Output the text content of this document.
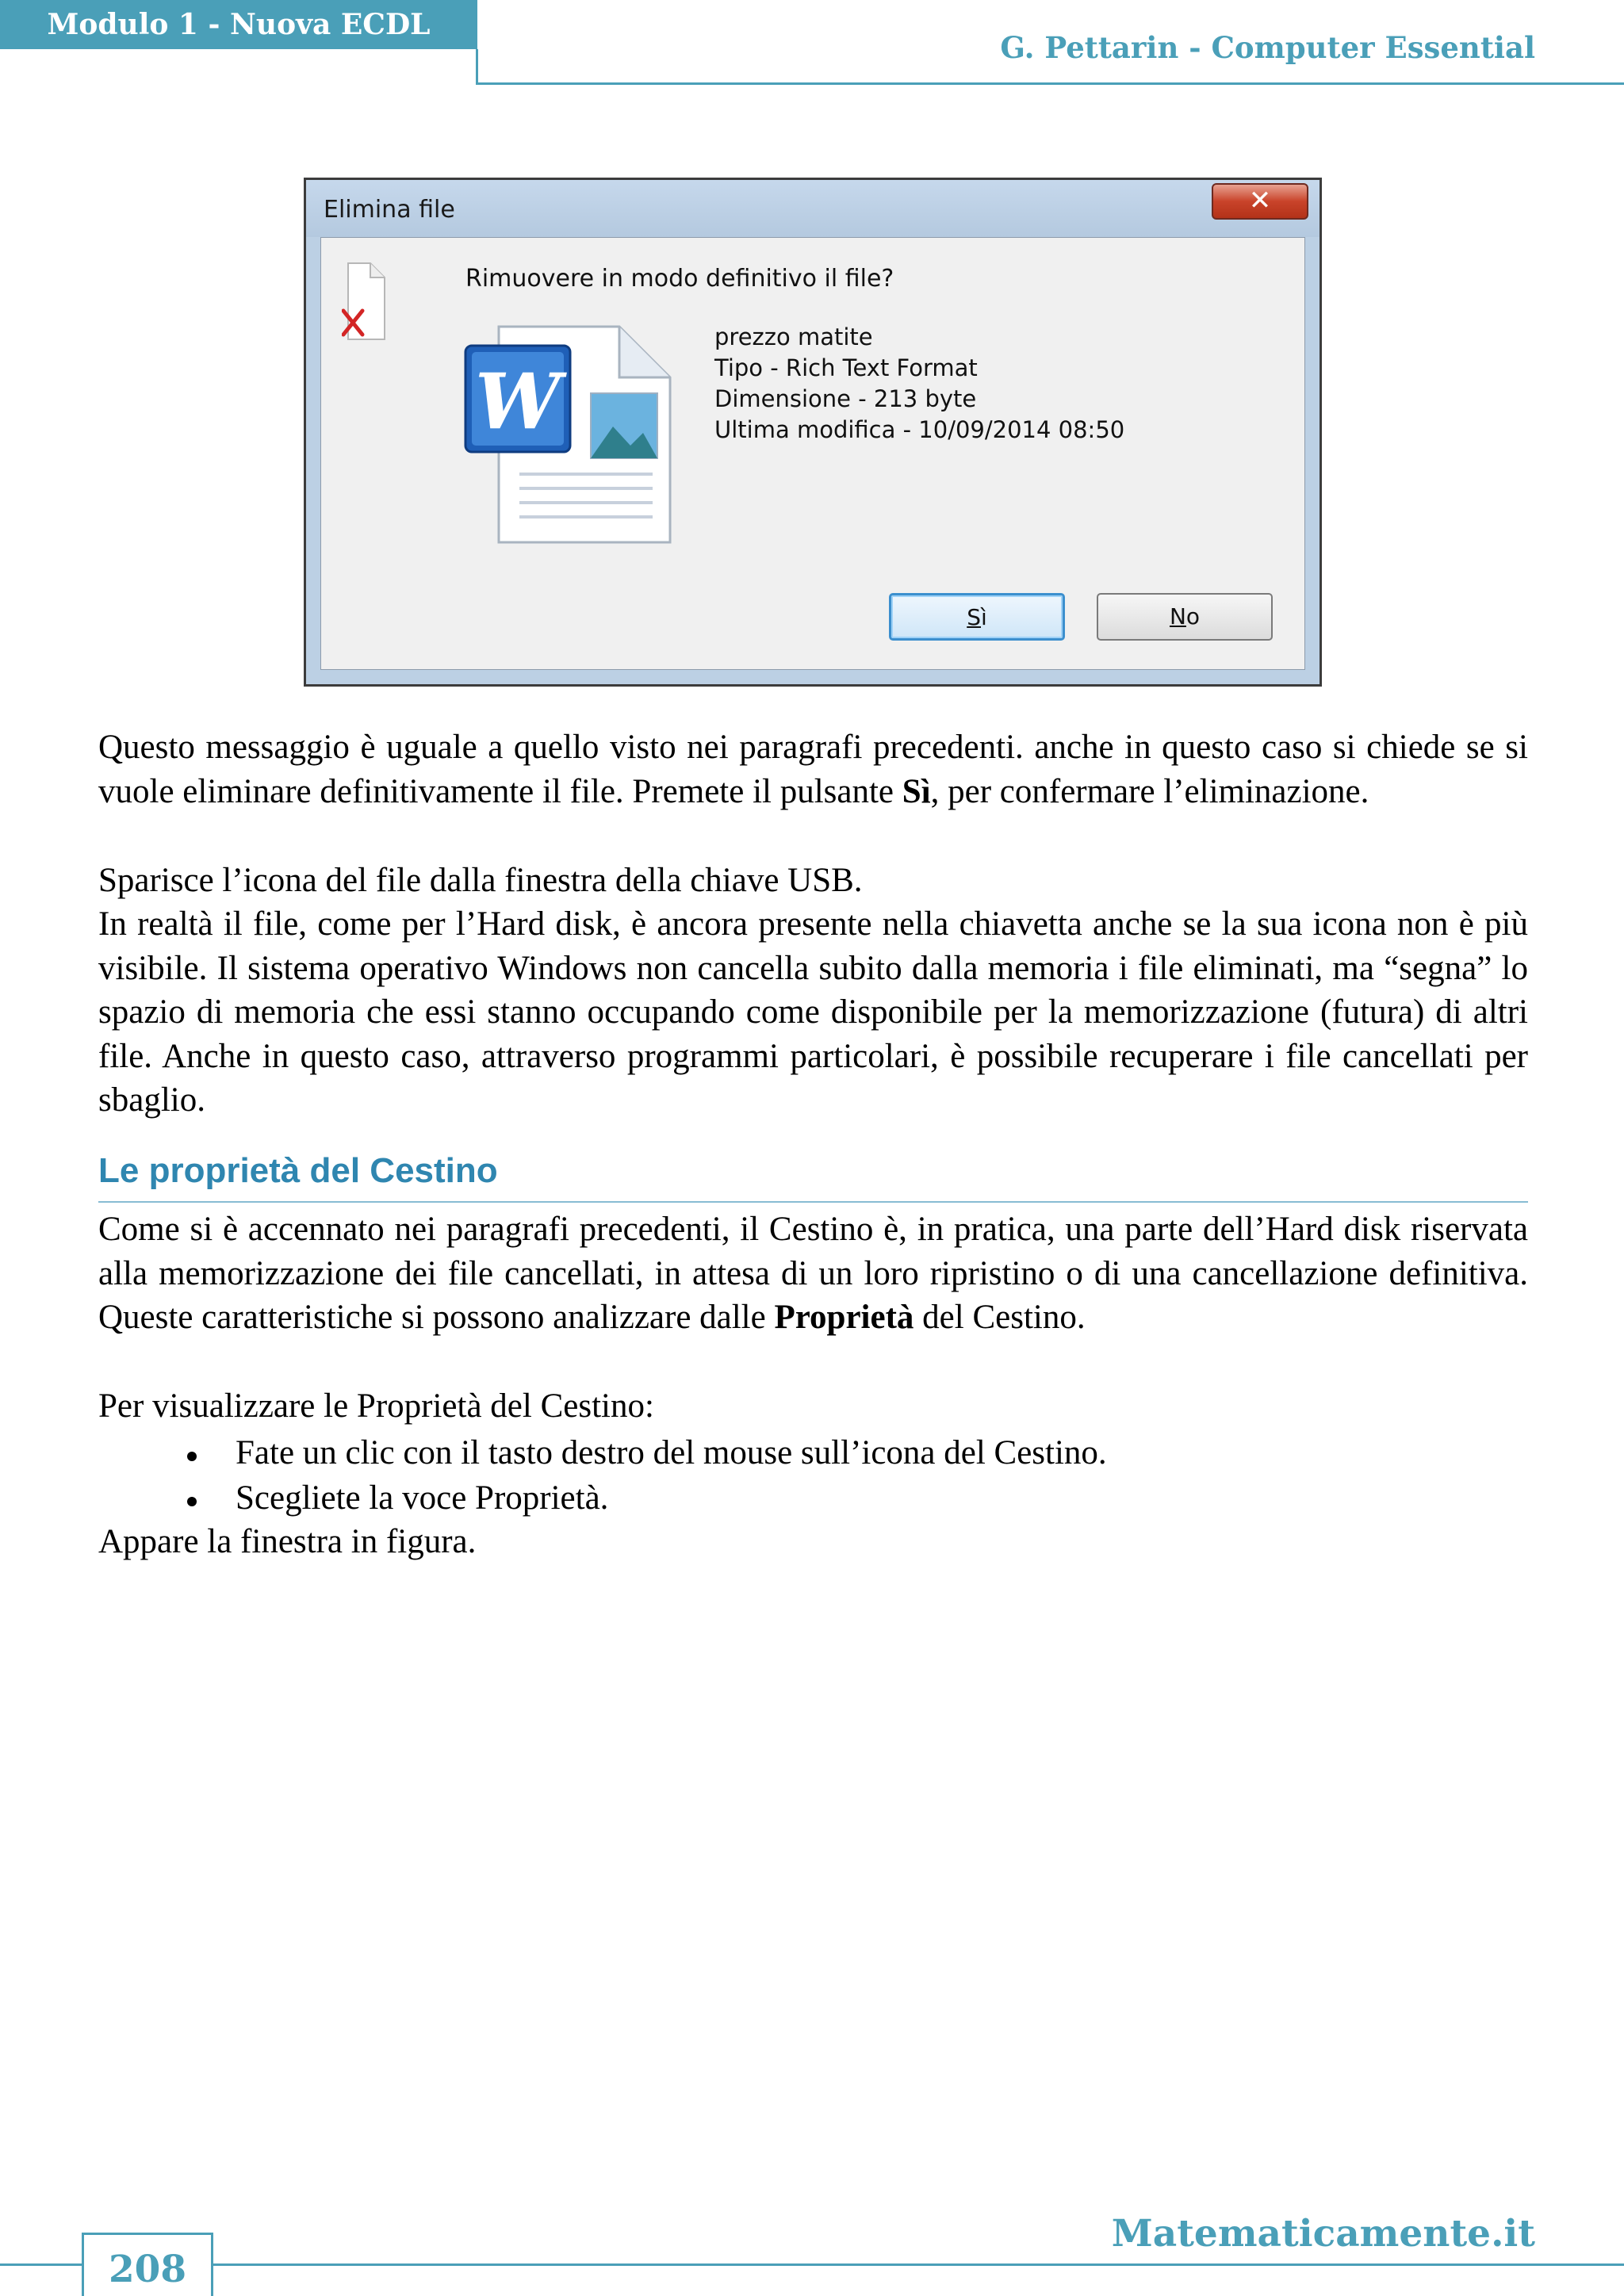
Modulo 1 - Nuova ECDL
G. Pettarin - Computer Essential
Elimina file	✕
W
Rimuovere in modo definitivo il file?
prezzo matite
Tipo - Rich Text Format
Dimensione - 213 byte
Ultima modifica - 10/09/2014 08:50
Sì	No

Questo messaggio è uguale a quello visto nei paragrafi precedenti. anche in questo caso si chiede se si vuole eliminare definitivamente il file. Premete il pulsante Sì, per confermare l’eliminazione.

Sparisce l’icona del file dalla finestra della chiave USB.

In realtà il file, come per l’Hard disk, è ancora presente nella chiavetta anche se la sua icona non è più visibile. Il sistema operativo Windows non cancella subito dalla memoria i file eliminati, ma “segna” lo spazio di memoria che essi stanno occupando come disponibile per la memorizzazione (futura) di altri file. Anche in questo caso, attraverso programmi particolari, è possibile recuperare i file cancellati per sbaglio.

Le proprietà del Cestino

Come si è accennato nei paragrafi precedenti, il Cestino è, in pratica, una parte dell’Hard disk riservata alla memorizzazione dei file cancellati, in attesa di un loro ripristino o di una cancellazione definitiva. Queste caratteristiche si possono analizzare dalle Proprietà del Cestino.

Per visualizzare le Proprietà del Cestino:

Fate un clic con il tasto destro del mouse sull’icona del Cestino.
Scegliete la voce Proprietà.

Appare la finestra in figura.

Matematicamente.it
208
